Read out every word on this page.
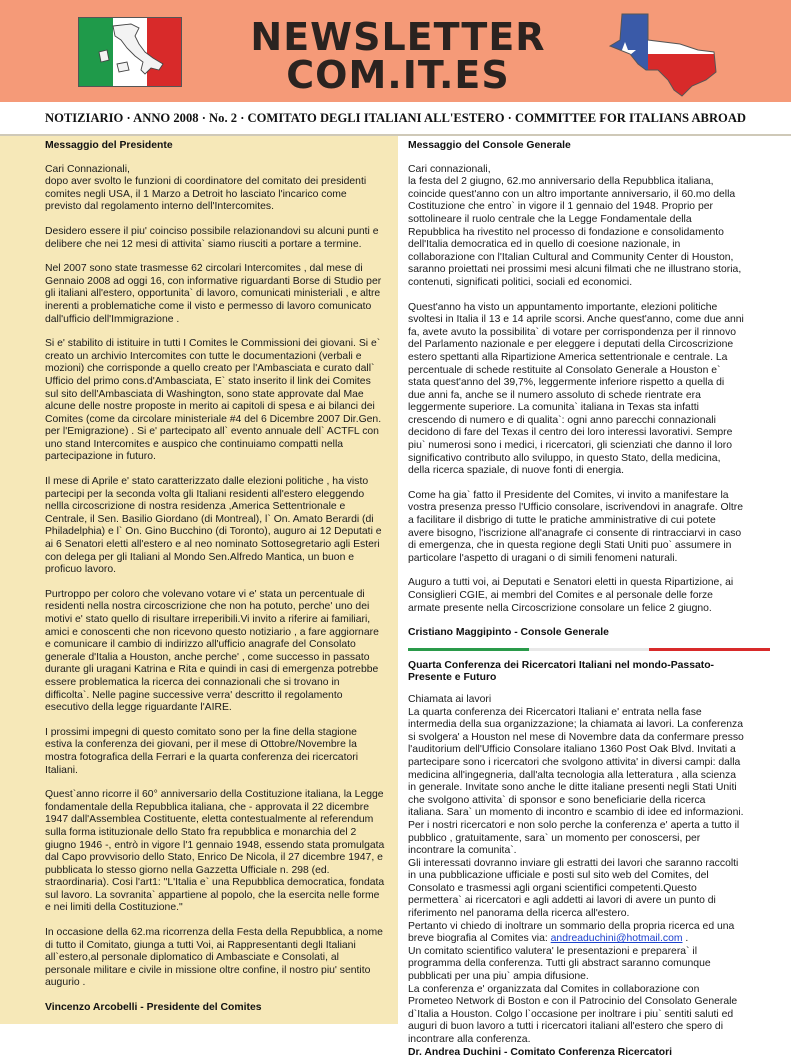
NEWSLETTER
COM.IT.ES
NOTIZIARIO · ANNO 2008 · No. 2 · COMITATO DEGLI ITALIANI ALL'ESTERO · COMMITTEE FOR ITALIANS ABROAD

Messaggio del Presidente

Cari Connazionali,
dopo aver svolto le funzioni di coordinatore del comitato dei presidenti comites negli USA, il 1 Marzo a Detroit ho lasciato l'incarico come previsto dal regolamento interno dell'Intercomites.

Desidero essere il piu' coinciso possibile relazionandovi su alcuni punti e delibere che nei 12 mesi di attivita` siamo riusciti a portare a termine.

Nel 2007 sono state trasmesse 62 circolari Intercomites , dal mese di Gennaio 2008 ad oggi 16, con informative riguardanti Borse di Studio per gli italiani all'estero, opportunita` di lavoro, comunicati ministeriali , e altre inerenti a problematiche come il visto e permesso di lavoro comunicato dall'ufficio dell'Immigrazione .

Si e' stabilito di istituire in tutti I Comites le Commissioni dei giovani. Si e` creato un archivio Intercomites con tutte le documentazioni (verbali e mozioni) che corrisponde a quello creato per l'Ambasciata e curato dall` Ufficio del primo cons.d'Ambasciata, E` stato inserito il link dei Comites sul sito dell'Ambasciata di Washington, sono state approvate dal Mae alcune delle nostre proposte in merito ai capitoli di spesa e ai bilanci dei Comites (come da circolare ministeriale #4 del 6 Dicembre 2007 Dir.Gen. per l'Emigrazione) . Si e' partecipato all` evento annuale dell` ACTFL con uno stand Intercomites e auspico che continuiamo compatti nella partecipazione in futuro.

Il mese di Aprile e' stato caratterizzato dalle elezioni politiche , ha visto partecipi per la seconda volta gli Italiani residenti all'estero eleggendo nellla circoscrizione di nostra residenza ,America Settentrionale e Centrale, il Sen. Basilio Giordano (di Montreal), l` On. Amato Berardi (di Philadelphia) e l` On. Gino Bucchino (di Toronto), auguro ai 12 Deputati e ai 6 Senatori eletti all'estero e al neo nominato Sottosegretario agli Esteri con delega per gli Italiani al Mondo Sen.Alfredo Mantica, un buon e proficuo lavoro.

Purtroppo per coloro che volevano votare vi e' stata un percentuale di residenti nella nostra circoscrizione che non ha potuto, perche' uno dei motivi e' stato quello di risultare irreperibili.Vi invito a riferire ai familiari, amici e conoscenti che non ricevono questo notiziario , a fare aggiornare e comunicare il cambio di indirizzo all'ufficio anagrafe del Consolato generale d'Italia a Houston, anche perche' , come successo in passato durante gli uragani Katrina e Rita e quindi in casi di emergenza potrebbe essere problematica la ricerca dei connazionali che si trovano in difficolta`. Nelle pagine successive verra' descritto il regolamento esecutivo della legge riguardante l'AIRE.

I prossimi impegni di questo comitato sono per la fine della stagione estiva la conferenza dei giovani, per il mese di Ottobre/Novembre la mostra fotografica della Ferrari e la quarta conferenza dei ricercatori Italiani.

Quest`anno ricorre il 60° anniversario della Costituzione italiana, la Legge fondamentale della Repubblica italiana, che - approvata il 22 dicembre 1947 dall'Assemblea Costituente, eletta contestualmente al referendum sulla forma istituzionale dello Stato fra repubblica e monarchia del 2 giugno 1946 -, entrò in vigore l'1 gennaio 1948, essendo stata promulgata dal Capo provvisorio dello Stato, Enrico De Nicola, il 27 dicembre 1947, e pubblicata lo stesso giorno nella Gazzetta Ufficiale n. 298 (ed. straordinaria). Cosi l'art1: "L'Italia e` una Repubblica democratica, fondata sul lavoro. La sovranita` appartiene al popolo, che la esercita nelle forme e nei limiti della Costituzione."

In occasione della 62.ma ricorrenza della Festa della Repubblica, a nome di tutto il Comitato, giunga a tutti Voi, ai Rappresentanti degli Italiani all`estero,al personale diplomatico di Ambasciate e Consolati, al personale militare e civile in missione oltre confine, il nostro piu' sentito augurio .

Vincenzo Arcobelli - Presidente del Comites

Messaggio del Console Generale

Cari connazionali,
la festa del 2 giugno, 62.mo anniversario della Repubblica italiana, coincide quest'anno con un altro importante anniversario, il 60.mo della Costituzione che entro` in vigore il 1 gennaio del 1948. Proprio per sottolineare il ruolo centrale che la Legge Fondamentale della Repubblica ha rivestito nel processo di fondazione e consolidamento dell'Italia democratica ed in quello di coesione nazionale, in collaborazione con l'Italian Cultural and Community Center di Houston, saranno proiettati nei prossimi mesi alcuni filmati che ne illustrano storia, contenuti, significati politici, sociali ed economici.

Quest'anno ha visto un appuntamento importante, elezioni politiche svoltesi in Italia il 13 e 14 aprile scorsi. Anche quest'anno, come due anni fa, avete avuto la possibilita` di votare per corrispondenza per il rinnovo del Parlamento nazionale e per eleggere i deputati della Circoscrizione estero spettanti alla Ripartizione America settentrionale e centrale. La percentuale di schede restituite al Consolato Generale a Houston e` stata quest'anno del 39,7%, leggermente inferiore rispetto a quella di due anni fa, anche se il numero assoluto di schede rientrate era leggermente superiore. La comunita` italiana in Texas sta infatti crescendo di numero e di qualita`: ogni anno parecchi connazionali decidono di fare del Texas il centro dei loro interessi lavorativi. Sempre piu` numerosi sono i medici, i ricercatori, gli scienziati che danno il loro significativo contributo allo sviluppo, in questo Stato, della medicina, della ricerca spaziale, di nuove fonti di energia.

Come ha gia` fatto il Presidente del Comites, vi invito a manifestare la vostra presenza presso l'Ufficio consolare, iscrivendovi in anagrafe. Oltre a facilitare il disbrigo di tutte le pratiche amministrative di cui potete avere bisogno, l'iscrizione all'anagrafe ci consente di rintracciarvi in caso di emergenza, che in questa regione degli Stati Uniti puo` assumere in particolare l'aspetto di uragani o di simili fenomeni naturali.

Auguro a tutti voi, ai Deputati e Senatori eletti in questa Ripartizione, ai Consiglieri CGIE, ai membri del Comites e al personale delle forze armate presente nella Circoscrizione consolare un felice 2 giugno.

Cristiano Maggipinto - Console Generale

Quarta Conferenza dei Ricercatori Italiani nel mondo-Passato-Presente e Futuro

Chiamata ai lavori
La quarta conferenza dei Ricercatori Italiani e' entrata nella fase intermedia della sua organizzazione; la chiamata ai lavori. La conferenza si svolgera' a Houston nel mese di Novembre data da confermare presso l'auditorium dell'Ufficio Consolare italiano 1360 Post Oak Blvd. Invitati a partecipare sono i ricercatori che svolgono attivita' in diversi campi: dalla medicina all'ingegneria, dall'alta tecnologia alla letteratura , alla scienza in generale. Invitate sono anche le ditte italiane presenti negli Stati Uniti che svolgono attivita` di sponsor e sono beneficiarie della ricerca italiana. Sara` un momento di incontro e scambio di idee ed informazioni. Per i nostri ricercatori e non solo perche la conferenza e' aperta a tutto il pubblico , gratuitamente, sara` un momento per conoscersi, per incontrare la comunita`.
Gli interessati dovranno inviare gli estratti dei lavori che saranno raccolti in una pubblicazione ufficiale e posti sul sito web del Comites, del Consolato e trasmessi agli organi scientifici competenti.Questo permettera` ai ricercatori e agli addetti ai lavori di avere un punto di riferimento nel panorama della ricerca all'estero.
Pertanto vi chiedo di inoltrare un sommario della propria ricerca ed una breve biografia al Comites via: andreaduchini@hotmail.com .
Un comitato scientifico valutera' le presentazioni e preparera` il programma della conferenza. Tutti gli abstract saranno comunque pubblicati per una piu` ampia difusione.
La conferenza e' organizzata dal Comites in collaborazione con Prometeo Network di Boston e con il Patrocinio del Consolato Generale d`Italia a Houston. Colgo l`occasione per inoltrare i piu` sentiti saluti ed auguri di buon lavoro a tutti i ricercatori italiani all'estero che spero di incontrare alla conferenza.

Dr. Andrea Duchini - Comitato Conferenza Ricercatori
